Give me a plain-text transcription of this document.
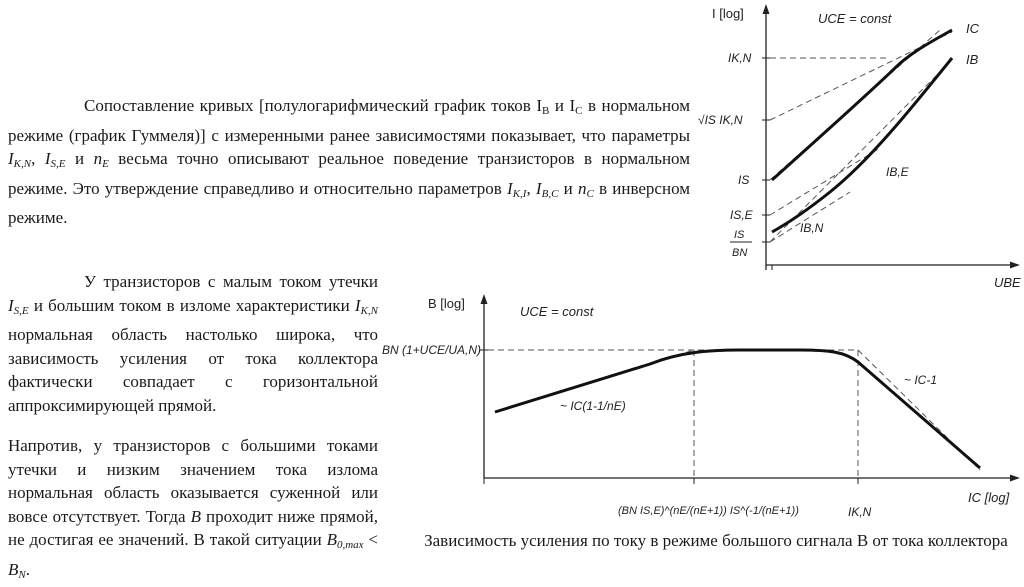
Сопоставление кривых [полулогарифмический график токов IB и IC в нормальном режиме (график Гуммеля)] с измеренными ранее зависимостями показывает, что параметры $I_{K,N}$, $I_{S,E}$ и $n_E$ весьма точно описывают реальное поведение транзисторов в нормальном режиме. Это утверждение справедливо и относительно параметров $I_{K,I}$, $I_{B,C}$ и $n_C$ в инверсном режиме.

У транзисторов с малым током утечки $I_{S,E}$ и большим током в изломе характеристики $I_{K,N}$ нормальная область настолько широка, что зависимость усиления от тока коллектора фактически совпадает с горизонтальной аппроксимирующей прямой.

Напротив, у транзисторов с большими токами утечки и низким значением тока излома нормальная область оказывается суженной или вовсе отсутствует. Тогда B проходит ниже прямой, не достигая ее значений. В такой ситуации $B_{0,max} < B_N$.

I [log]	UCE = const
IC
IB
IK,N
√IS IK,N
IS
IS,E
IS
BN
IB,E
IB,N
UBE
B [log]
UCE = const
BN (1+UCE/UA,N)
~ IC(1-1/nE)
~ IC-1
(BN IS,E)^(nE/(nE+1)) IS^(-1/(nE+1))	IK,N
IC [log]

Зависимость усиления по току в режиме большого сигнала B от тока коллектора
